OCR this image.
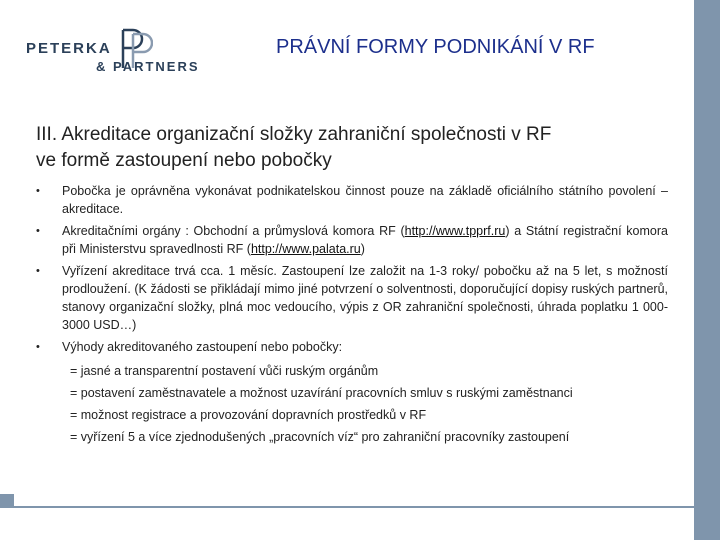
PETERKA
& PARTNERS
PRÁVNÍ FORMY PODNIKÁNÍ V RF
III. Akreditace organizační složky zahraniční společnosti v RF
ve formě zastoupení nebo pobočky
• Pobočka je oprávněna vykonávat podnikatelskou činnost pouze na základě oficiálního státního povolení – akreditace.
• Akreditačními orgány : Obchodní a průmyslová komora RF (http://www.tpprf.ru) a Státní registrační komora při Ministerstvu spravedlnosti RF (http://www.palata.ru)
• Vyřízení akreditace trvá cca. 1 měsíc. Zastoupení lze založit na 1-3 roky/ pobočku až na 5 let, s možností prodloužení. (K žádosti se přikládají mimo jiné potvrzení o solventnosti, doporučující dopisy ruských partnerů, stanovy organizační složky, plná moc vedoucího, výpis z OR zahraniční společnosti, úhrada poplatku 1 000-3000 USD…)
• Výhody akreditovaného zastoupení nebo pobočky:
= jasné a transparentní postavení vůči ruským orgánům
= postavení zaměstnavatele a možnost uzavírání pracovních smluv s ruskými zaměstnanci
= možnost registrace a provozování dopravních prostředků v RF
= vyřízení 5 a více zjednodušených „pracovních víz“ pro zahraniční pracovníky zastoupení
